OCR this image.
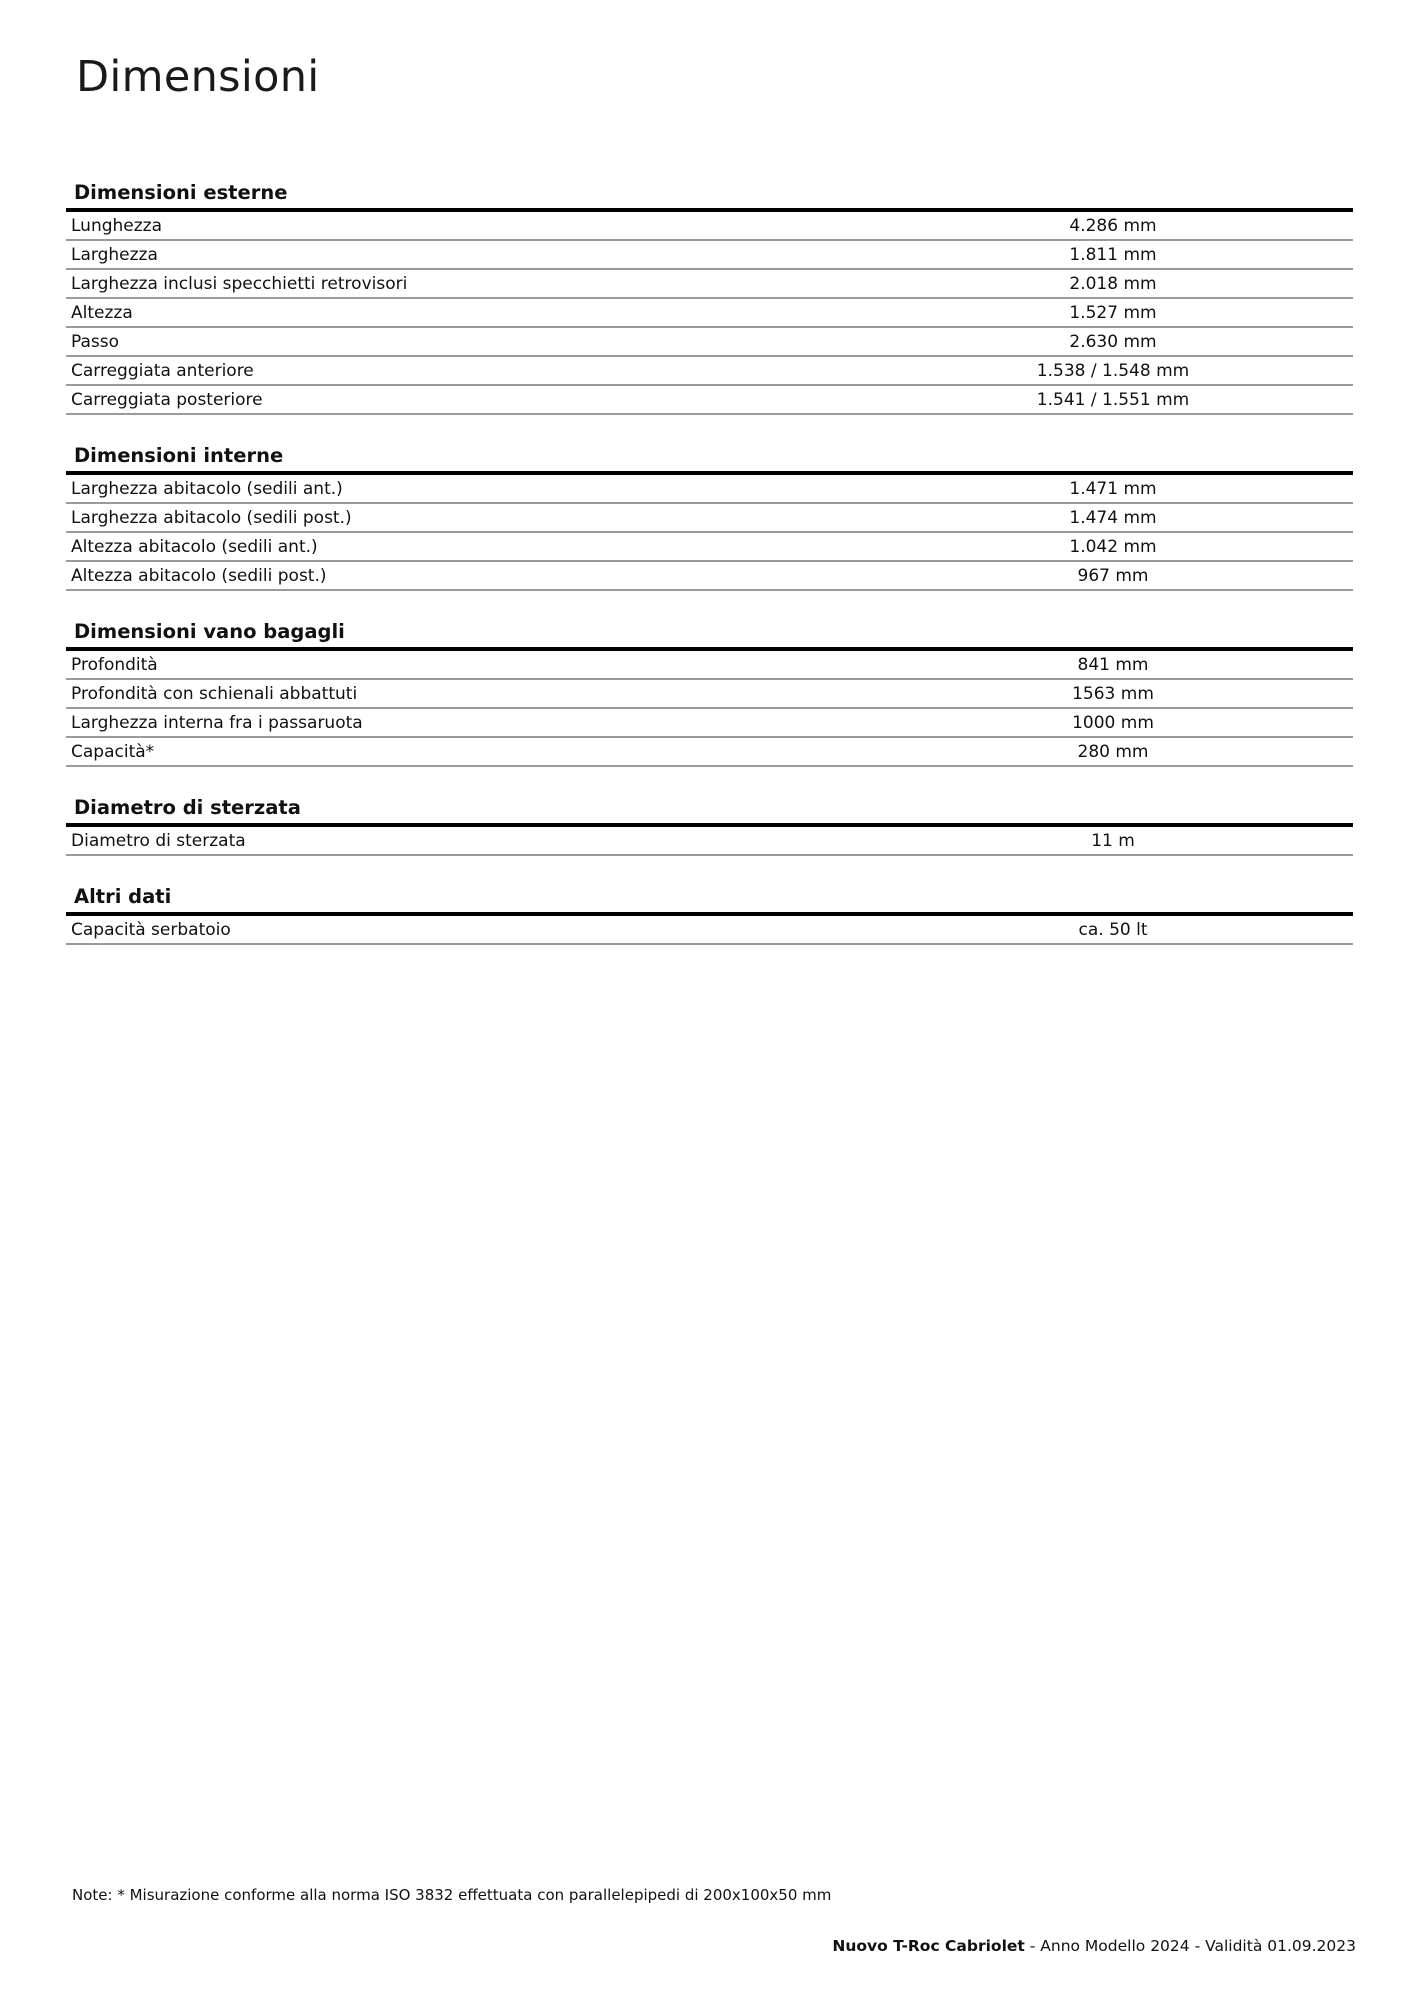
Dimensioni
Dimensioni esterne
Lunghezza	4.286 mm
Larghezza	1.811 mm
Larghezza inclusi specchietti retrovisori	2.018 mm
Altezza	1.527 mm
Passo	2.630 mm
Carreggiata anteriore	1.538 / 1.548 mm
Carreggiata posteriore	1.541 / 1.551 mm
Dimensioni interne
Larghezza abitacolo (sedili ant.)	1.471 mm
Larghezza abitacolo (sedili post.)	1.474 mm
Altezza abitacolo (sedili ant.)	1.042 mm
Altezza abitacolo (sedili post.)	967 mm
Dimensioni vano bagagli
Profondità	841 mm
Profondità con schienali abbattuti	1563 mm
Larghezza interna fra i passaruota	1000 mm
Capacità*	280 mm
Diametro di sterzata
Diametro di sterzata	11 m
Altri dati
Capacità serbatoio	ca. 50 lt

Note: * Misurazione conforme alla norma ISO 3832 effettuata con parallelepipedi di 200x100x50 mm

Nuovo T-Roc Cabriolet - Anno Modello 2024 - Validità 01.09.2023
